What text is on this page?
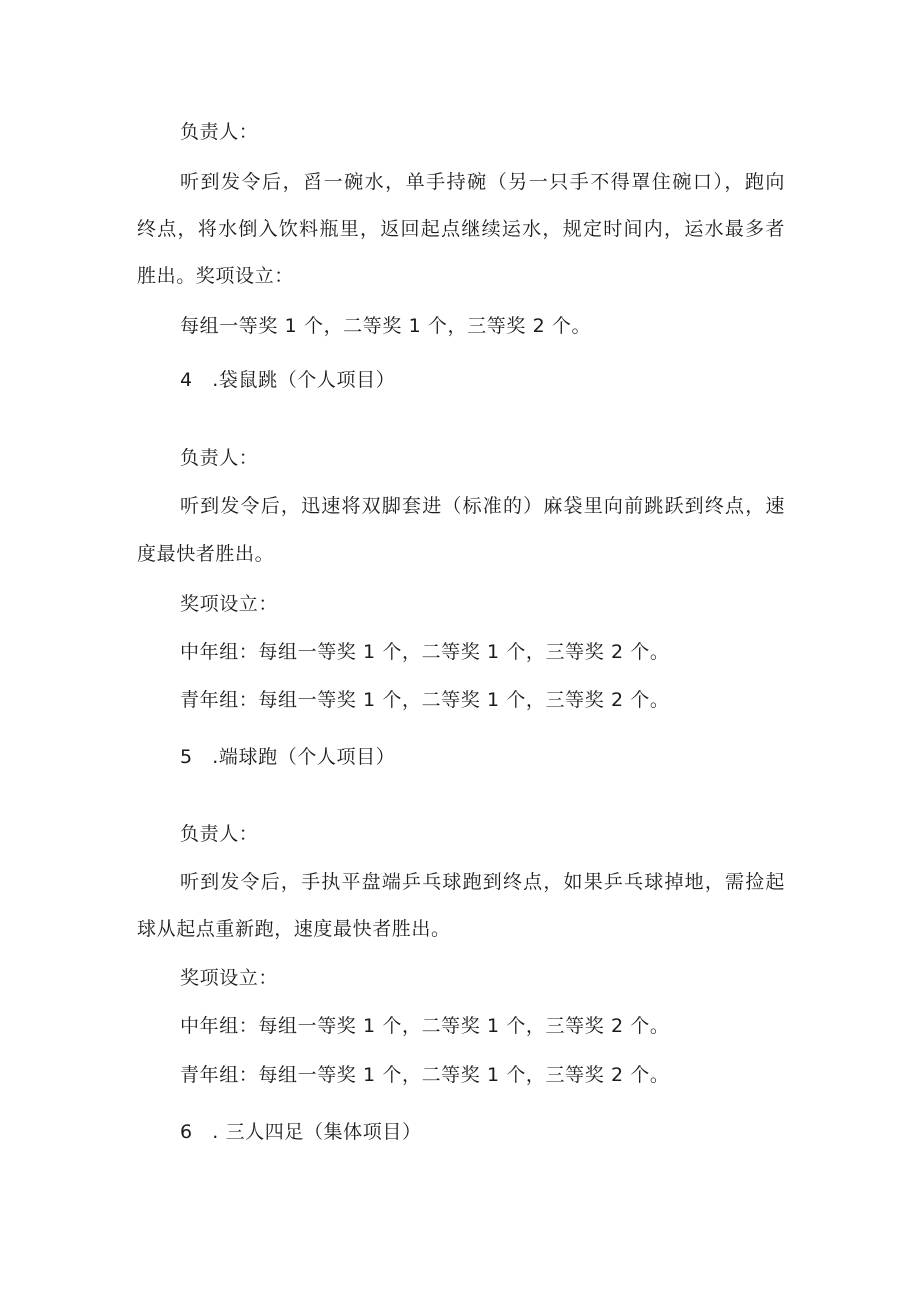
负责人：
听到发令后，舀一碗水，单手持碗（另一只手不得罩住碗口），跑向
终点，将水倒入饮料瓶里，返回起点继续运水，规定时间内，运水最多者
胜出。奖项设立：
每组一等奖 1 个，二等奖 1 个，三等奖 2 个。
4　.袋鼠跳（个人项目）
负责人：
听到发令后，迅速将双脚套进（标准的）麻袋里向前跳跃到终点，速
度最快者胜出。
奖项设立：
中年组：每组一等奖 1 个，二等奖 1 个，三等奖 2 个。
青年组：每组一等奖 1 个，二等奖 1 个，三等奖 2 个。
5　.端球跑（个人项目）
负责人：
听到发令后，手执平盘端乒乓球跑到终点，如果乒乓球掉地，需捡起
球从起点重新跑，速度最快者胜出。
奖项设立：
中年组：每组一等奖 1 个，二等奖 1 个，三等奖 2 个。
青年组：每组一等奖 1 个，二等奖 1 个，三等奖 2 个。
6　. 三人四足（集体项目）
